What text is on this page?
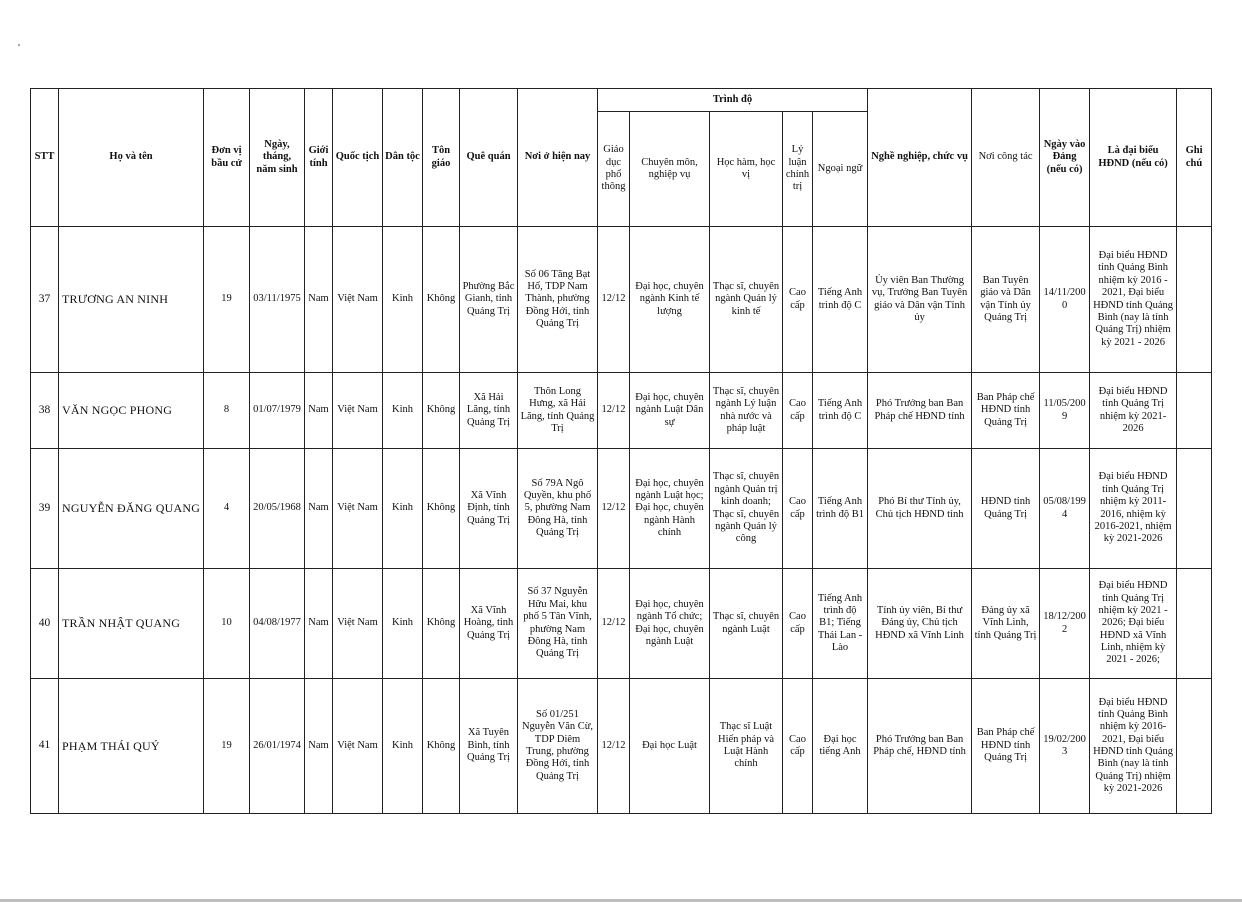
STT	Họ và tên	Đơn vị bầu cử	Ngày, tháng, năm sinh	Giới tính	Quốc tịch	Dân tộc	Tôn giáo	Quê quán	Nơi ở hiện nay	Trình độ					Nghề nghiệp, chức vụ	Nơi công tác	Ngày vào Đảng (nếu có)	Là đại biểu HĐND (nếu có)	Ghi chú
										Giáo dục phổ thông	Chuyên môn, nghiệp vụ	Học hàm, học vị	Lý luận chính trị	Ngoại ngữ					
37	TRƯƠNG AN NINH	19	03/11/1975	Nam	Việt Nam	Kinh	Không	Phường Bắc Gianh, tỉnh Quảng Trị	Số 06 Tăng Bạt Hổ, TDP Nam Thành, phường Đồng Hới, tỉnh Quảng Trị	12/12	Đại học, chuyên ngành Kinh tế lượng	Thạc sĩ, chuyên ngành Quản lý kinh tế	Cao cấp	Tiếng Anh trình độ C	Ủy viên Ban Thường vụ, Trưởng Ban Tuyên giáo và Dân vận Tỉnh ủy	Ban Tuyên giáo và Dân vận Tỉnh ủy Quảng Trị	14/11/2000	Đại biểu HĐND tỉnh Quảng Bình nhiệm kỳ 2016 - 2021, Đại biểu HĐND tỉnh Quảng Bình (nay là tỉnh Quảng Trị) nhiệm kỳ 2021 - 2026	
38	VĂN NGỌC PHONG	8	01/07/1979	Nam	Việt Nam	Kinh	Không	Xã Hải Lăng, tỉnh Quảng Trị	Thôn Long Hưng, xã Hải Lăng, tỉnh Quảng Trị	12/12	Đại học, chuyên ngành Luật Dân sự	Thạc sĩ, chuyên ngành Lý luận nhà nước và pháp luật	Cao cấp	Tiếng Anh trình độ C	Phó Trưởng ban Ban Pháp chế HĐND tỉnh	Ban Pháp chế HĐND tỉnh Quảng Trị	11/05/2009	Đại biểu HĐND tỉnh Quảng Trị nhiệm kỳ 2021-2026	
39	NGUYỄN ĐĂNG QUANG	4	20/05/1968	Nam	Việt Nam	Kinh	Không	Xã Vĩnh Định, tỉnh Quảng Trị	Số 79A Ngô Quyền, khu phố 5, phường Nam Đông Hà, tỉnh Quảng Trị	12/12	Đại học, chuyên ngành Luật học; Đại học, chuyên ngành Hành chính	Thạc sĩ, chuyên ngành Quản trị kinh doanh; Thạc sĩ, chuyên ngành Quản lý công	Cao cấp	Tiếng Anh trình độ B1	Phó Bí thư Tỉnh ủy, Chủ tịch HĐND tỉnh	HĐND tỉnh Quảng Trị	05/08/1994	Đại biểu HĐND tỉnh Quảng Trị nhiệm kỳ 2011-2016, nhiệm kỳ 2016-2021, nhiệm kỳ 2021-2026	
40	TRẦN NHẬT QUANG	10	04/08/1977	Nam	Việt Nam	Kinh	Không	Xã Vĩnh Hoàng, tỉnh Quảng Trị	Số 37 Nguyễn Hữu Mai, khu phố 5 Tân Vĩnh, phường Nam Đông Hà, tỉnh Quảng Trị	12/12	Đại học, chuyên ngành Tổ chức; Đại học, chuyên ngành Luật	Thạc sĩ, chuyên ngành Luật	Cao cấp	Tiếng Anh trình độ B1; Tiếng Thái Lan - Lào	Tỉnh ủy viên, Bí thư Đảng ủy, Chủ tịch HĐND xã Vĩnh Linh	Đảng ủy xã Vĩnh Linh, tỉnh Quảng Trị	18/12/2002	Đại biểu HĐND tỉnh Quảng Trị nhiệm kỳ 2021 - 2026; Đại biểu HĐND xã Vĩnh Linh, nhiệm kỳ 2021 - 2026;	
41	PHẠM THÁI QUÝ	19	26/01/1974	Nam	Việt Nam	Kinh	Không	Xã Tuyên Bình, tỉnh Quảng Trị	Số 01/251 Nguyễn Văn Cừ, TDP Diêm Trung, phường Đồng Hới, tỉnh Quảng Trị	12/12	Đại học Luật	Thạc sĩ Luật Hiến pháp và Luật Hành chính	Cao cấp	Đại học tiếng Anh	Phó Trưởng ban Ban Pháp chế, HĐND tỉnh	Ban Pháp chế HĐND tỉnh Quảng Trị	19/02/2003	Đại biểu HĐND tỉnh Quảng Bình nhiệm kỳ 2016-2021, Đại biểu HĐND tỉnh Quảng Bình (nay là tỉnh Quảng Trị) nhiệm kỳ 2021-2026	
